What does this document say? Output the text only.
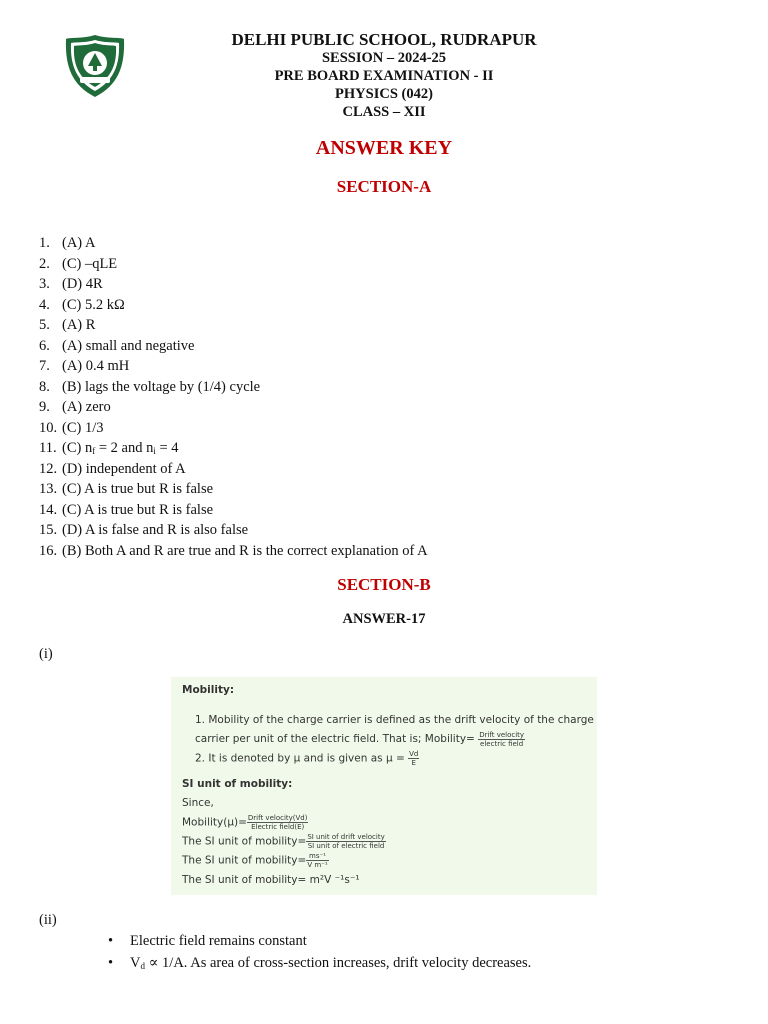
DELHI PUBLIC SCHOOL, RUDRAPUR
SESSION – 2024-25
PRE BOARD EXAMINATION - II
PHYSICS (042)
CLASS – XII
ANSWER KEY
SECTION-A
1. (A) A
2. (C) –qLE
3. (D) 4R
4. (C) 5.2 kΩ
5. (A) R
6. (A) small and negative
7. (A) 0.4 mH
8. (B) lags the voltage by (1/4) cycle
9. (A) zero
10. (C) 1/3
11. (C) $n_f = 2$ and $n_i = 4$
12. (D) independent of A
13. (C) A is true but R is false
14. (C) A is true but R is false
15. (D) A is false and R is also false
16. (B) Both A and R are true and R is the correct explanation of A
SECTION-B
ANSWER-17
(i)
Mobility:
1. Mobility of the charge carrier is defined as the drift velocity of the charge carrier per unit of the electric field. That is; Mobility= $\frac{\text{Drift velocity}}{\text{electric field}}$
2. It is denoted by μ and is given as $\mu = \frac{Vd}{E}$
SI unit of mobility:
Since,
Mobility(μ)= $\frac{\text{Drift velocity(Vd)}}{\text{Electric field(E)}}$
The SI unit of mobility= $\frac{\text{SI unit of drift velocity}}{\text{SI unit of electric field}}$
The SI unit of mobility= $\frac{\text{ms⁻¹}}{\text{V m⁻¹}}$
The SI unit of mobility= m²V ⁻¹s⁻¹
(ii)
• Electric field remains constant
• $V_d \propto 1/A$. As area of cross-section increases, drift velocity decreases.
